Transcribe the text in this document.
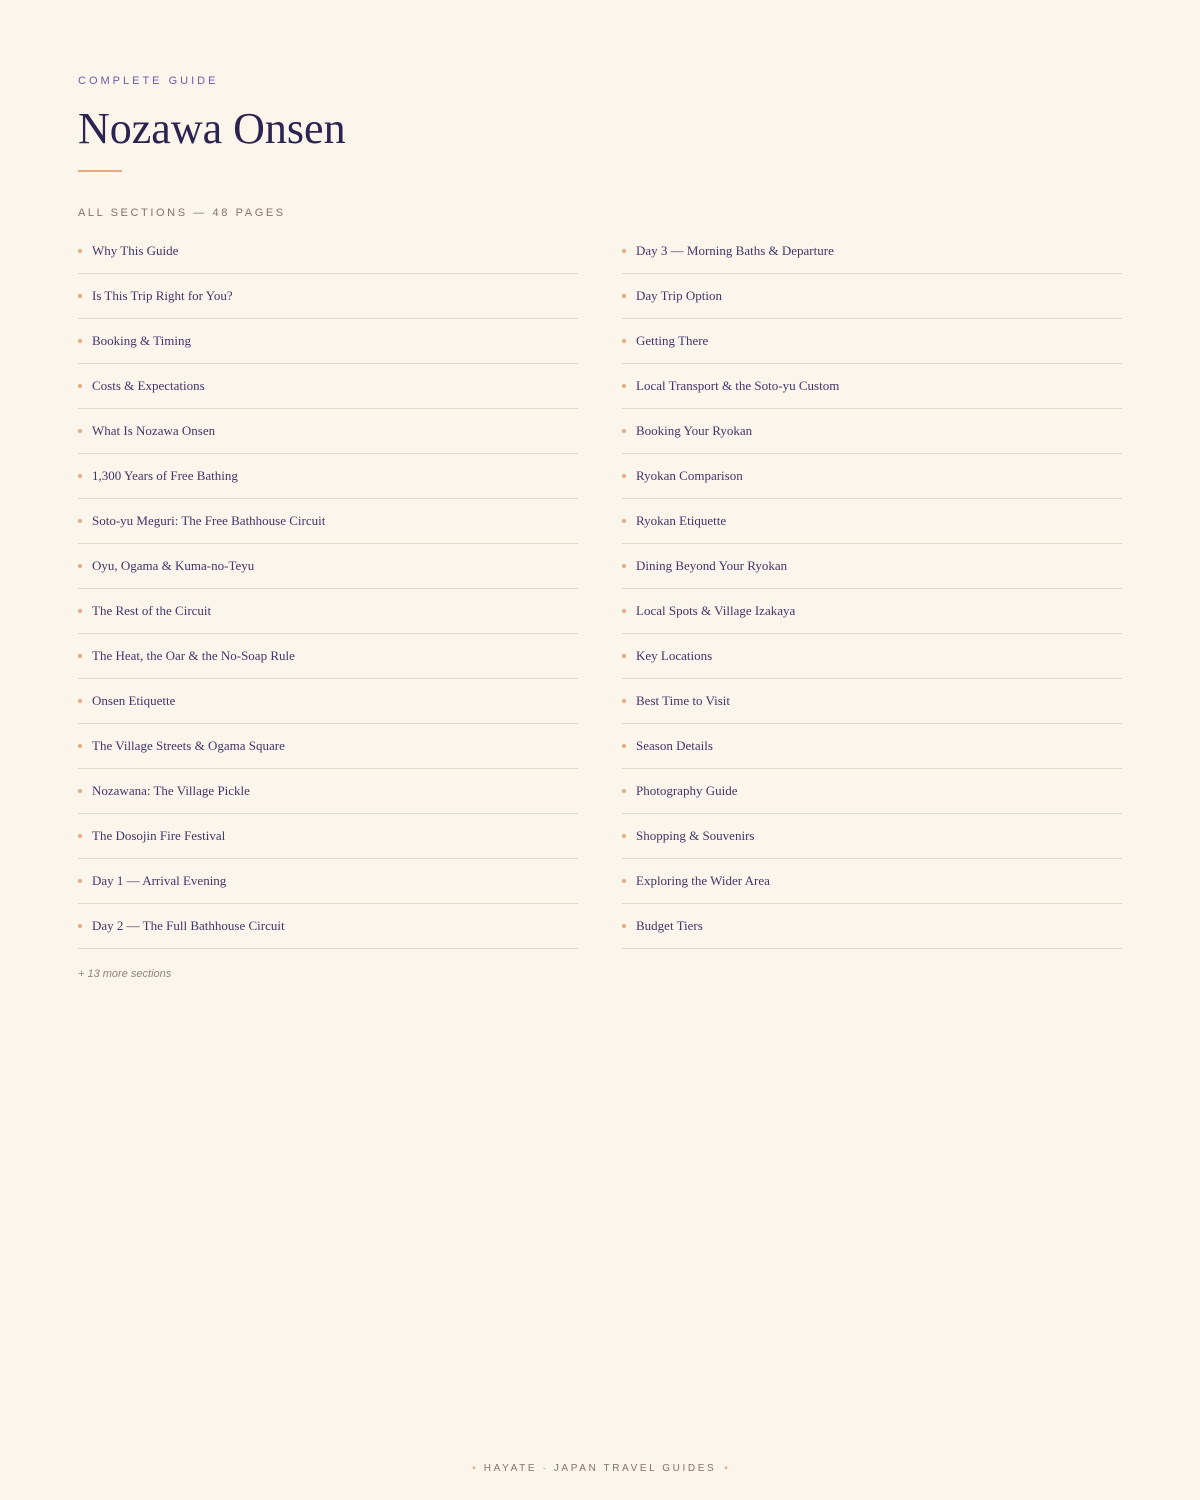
COMPLETE GUIDE
Nozawa Onsen
ALL SECTIONS — 48 PAGES
Why This Guide
Is This Trip Right for You?
Booking & Timing
Costs & Expectations
What Is Nozawa Onsen
1,300 Years of Free Bathing
Soto-yu Meguri: The Free Bathhouse Circuit
Oyu, Ogama & Kuma-no-Teyu
The Rest of the Circuit
The Heat, the Oar & the No-Soap Rule
Onsen Etiquette
The Village Streets & Ogama Square
Nozawana: The Village Pickle
The Dosojin Fire Festival
Day 1 — Arrival Evening
Day 2 — The Full Bathhouse Circuit
Day 3 — Morning Baths & Departure
Day Trip Option
Getting There
Local Transport & the Soto-yu Custom
Booking Your Ryokan
Ryokan Comparison
Ryokan Etiquette
Dining Beyond Your Ryokan
Local Spots & Village Izakaya
Key Locations
Best Time to Visit
Season Details
Photography Guide
Shopping & Souvenirs
Exploring the Wider Area
Budget Tiers
+ 13 more sections
• HAYATE · JAPAN TRAVEL GUIDES •
